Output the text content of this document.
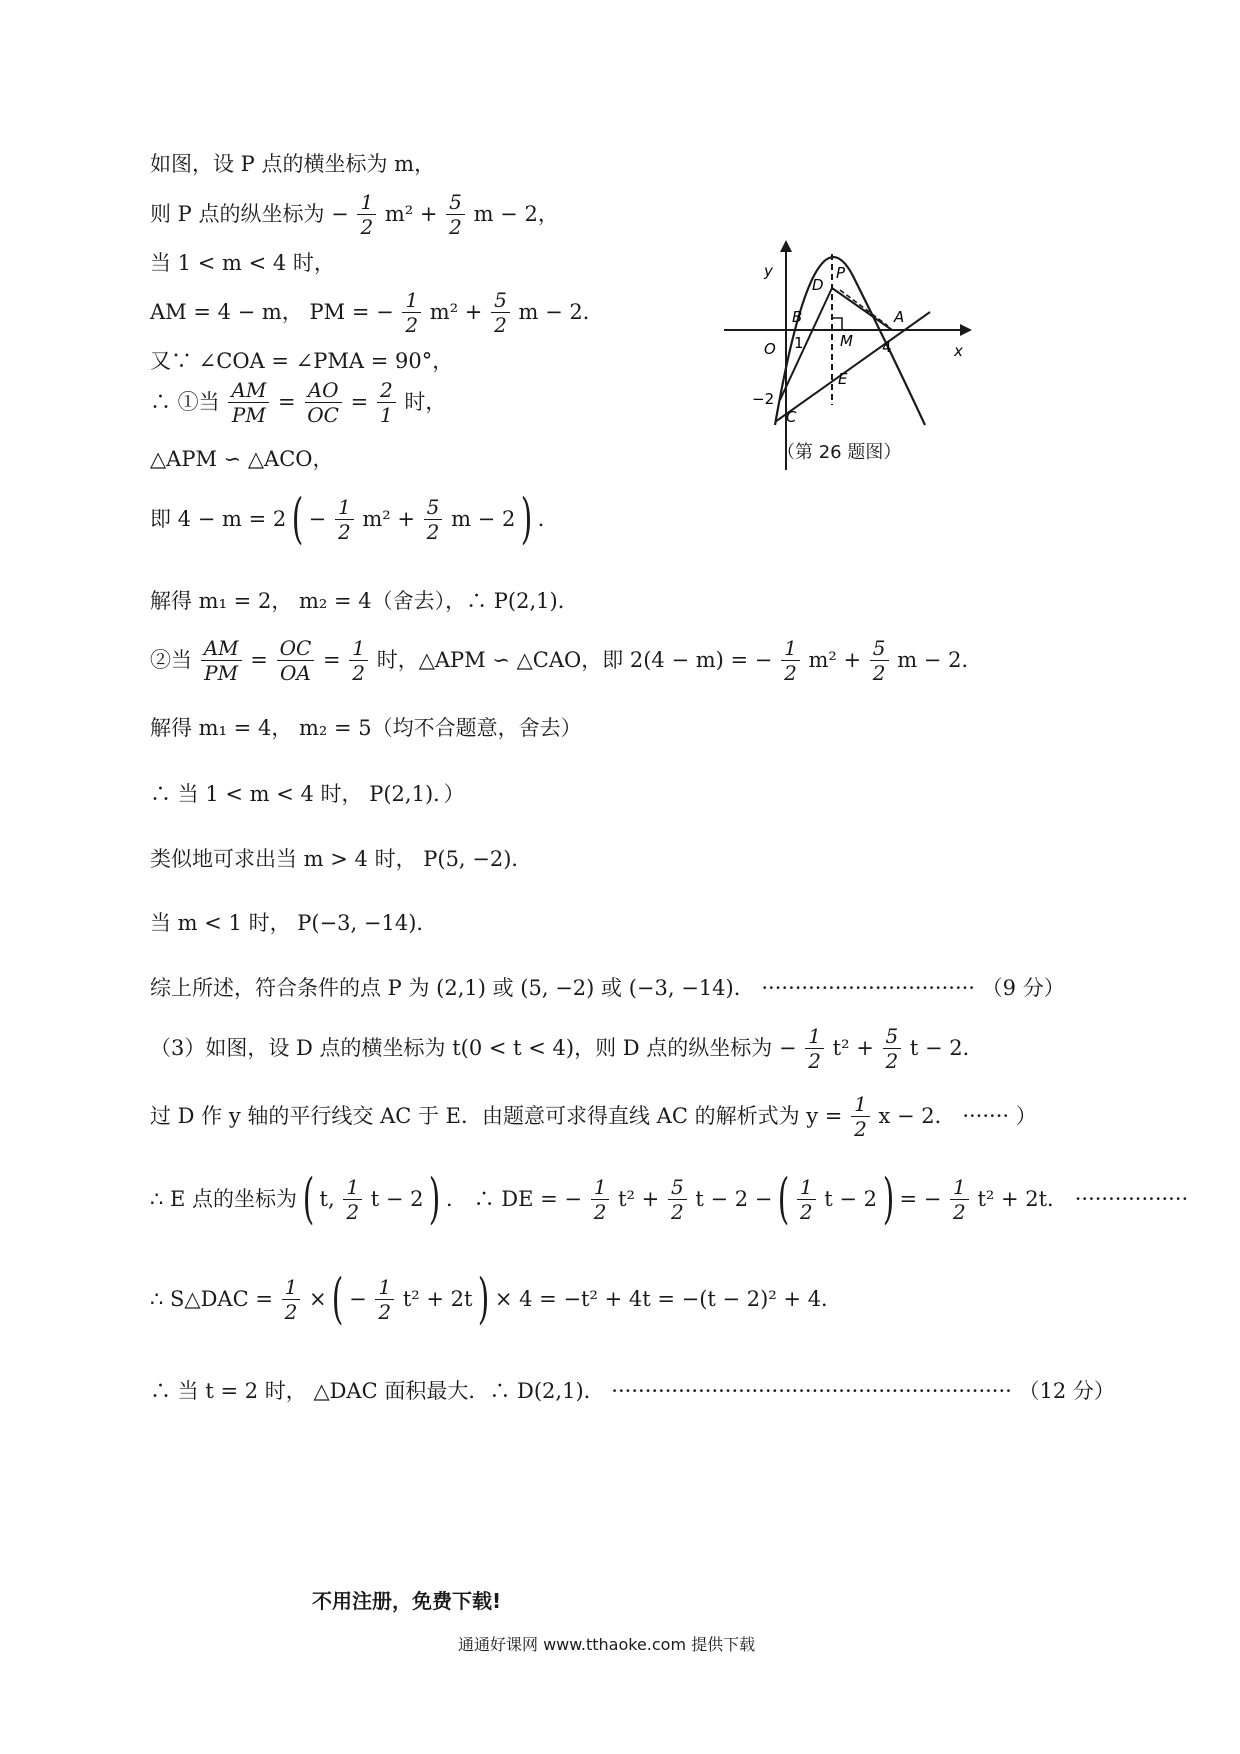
如图，设 P 点的横坐标为 m，
则 P 点的纵坐标为 − $\frac{1}{2} m^2 + \frac{5}{2}$ m − 2，
当 1 < m < 4 时，
AM = 4 − m， PM = − $\frac{1}{2} m^2 + \frac{5}{2}$ m − 2．
又∵ ∠COA = ∠PMA = 90°，
∴ ①当 $\frac{AM}{PM} = \frac{AO}{OC} = \frac{2}{1}$ 时，
△APM ∽ △ACO，
即 4 − m = 2 ( − $\frac{1}{2} m^2 + \frac{5}{2}$ m − 2 ) ．
解得 m₁ = 2， m₂ = 4（舍去），∴ P(2,1)．
②当 $\frac{AM}{PM} = \frac{OC}{OA} = \frac{1}{2}$ 时，△APM ∽ △CAO，即 2(4 − m) = − $\frac{1}{2} m^2 + \frac{5}{2}$ m − 2．
解得 m₁ = 4， m₂ = 5（均不合题意，舍去）
∴ 当 1 < m < 4 时， P(2,1)．）
类似地可求出当 m > 4 时， P(5, −2)．
当 m < 1 时， P(−3, −14)．
综上所述，符合条件的点 P 为 (2,1) 或 (5, −2) 或 (−3, −14)． ································ （9 分）
（3）如图，设 D 点的横坐标为 t(0 < t < 4)，则 D 点的纵坐标为 − $\frac{1}{2} t^2 + \frac{5}{2}$ t − 2．
过 D 作 y 轴的平行线交 AC 于 E．由题意可求得直线 AC 的解析式为 $y = \frac{1}{2}$ x − 2． ······· ）
∴ E 点的坐标为 ( t, $\frac{1}{2}$ t − 2 ) ． ∴ DE = − $\frac{1}{2} t^2 + \frac{5}{2}$ t − 2 − ( $\frac{1}{2}$ t − 2 ) = − $\frac{1}{2} t^2 + 2t$． ·················
∴ S△DAC = $\frac{1}{2}$ × ( − $\frac{1}{2} t^2 + 2t$ ) × 4 = −t² + 4t = −(t − 2)² + 4．
∴ 当 t = 2 时， △DAC 面积最大．∴ D(2,1)． ···························································· （12 分）
y
x
O
B
1
D
P
A
M 4
E
−2
C
（第 26 题图）
不用注册，免费下载!
通通好课网 www.tthaoke.com 提供下载
